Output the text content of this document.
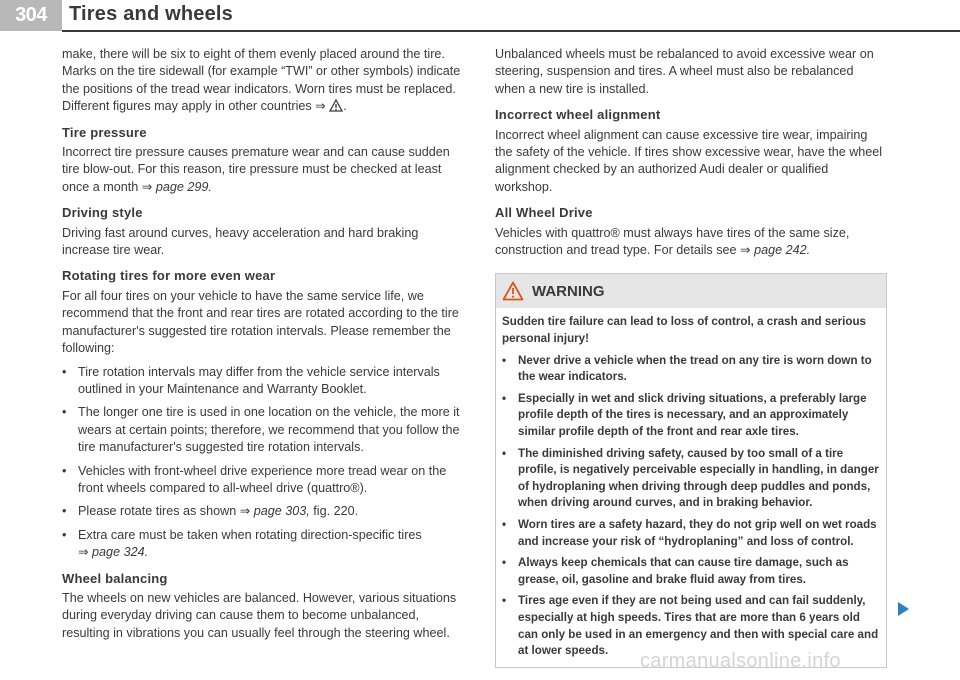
304	Tires and wheels

make, there will be six to eight of them evenly placed around the tire. Marks on the tire sidewall (for example “TWI” or other symbols) indicate the positions of the tread wear indicators. Worn tires must be replaced. Different figures may apply in other countries ⇒ .

Tire pressure

Incorrect tire pressure causes premature wear and can cause sudden tire blow-out. For this reason, tire pressure must be checked at least once a month ⇒ page 299.

Driving style

Driving fast around curves, heavy acceleration and hard braking increase tire wear.

Rotating tires for more even wear

For all four tires on your vehicle to have the same service life, we recommend that the front and rear tires are rotated according to the tire manufacturer's suggested tire rotation intervals. Please remember the following:

• Tire rotation intervals may differ from the vehicle service intervals outlined in your Maintenance and Warranty Booklet.
• The longer one tire is used in one location on the vehicle, the more it wears at certain points; therefore, we recommend that you follow the tire manufacturer's suggested tire rotation intervals.
• Vehicles with front-wheel drive experience more tread wear on the front wheels compared to all-wheel drive (quattro®).
• Please rotate tires as shown ⇒ page 303, fig. 220.
• Extra care must be taken when rotating direction-specific tires
⇒ page 324.
Wheel balancing

The wheels on new vehicles are balanced. However, various situations during everyday driving can cause them to become unbalanced, resulting in vibrations you can usually feel through the steering wheel.

Unbalanced wheels must be rebalanced to avoid excessive wear on steering, suspension and tires. A wheel must also be rebalanced when a new tire is installed.

Incorrect wheel alignment

Incorrect wheel alignment can cause excessive tire wear, impairing the safety of the vehicle. If tires show excessive wear, have the wheel alignment checked by an authorized Audi dealer or qualified workshop.

All Wheel Drive

Vehicles with quattro® must always have tires of the same size, construction and tread type. For details see ⇒ page 242.

WARNING

Sudden tire failure can lead to loss of control, a crash and serious personal injury!

•	Never drive a vehicle when the tread on any tire is worn down to the wear indicators.
•	Especially in wet and slick driving situations, a preferably large profile depth of the tires is necessary, and an approximately similar profile depth of the front and rear axle tires.
•	The diminished driving safety, caused by too small of a tire profile, is negatively perceivable especially in handling, in danger of hydroplaning when driving through deep puddles and ponds, when driving around curves, and in braking behavior.
•	Worn tires are a safety hazard, they do not grip well on wet roads and increase your risk of “hydroplaning” and loss of control.
•	Always keep chemicals that can cause tire damage, such as grease, oil, gasoline and brake fluid away from tires.
•	Tires age even if they are not being used and can fail suddenly, especially at high speeds. Tires that are more than 6 years old can only be used in an emergency and then with special care and at lower speeds.	carmanualsonline.info
